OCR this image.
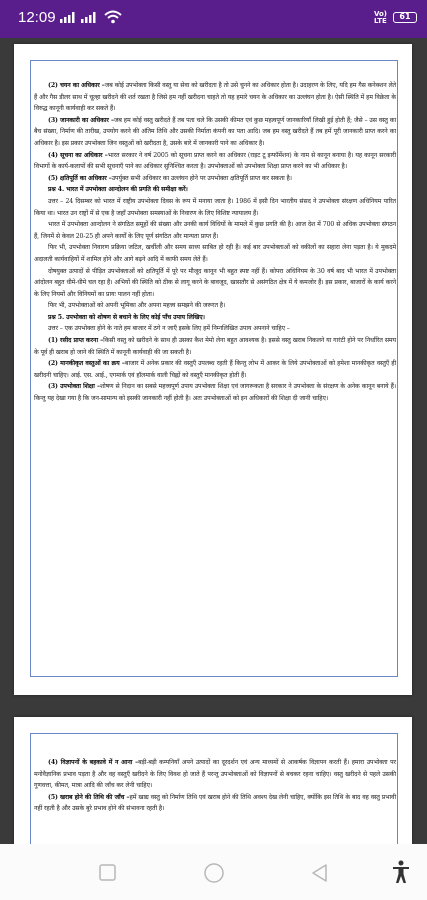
12:09	Vo)
LTE	61

(2) चयन का अधिकार –जब कोई उपभोक्ता किसी वस्तु या सेवा को खरीदता है तो उसे चुनने का अधिकार होता है। उदाहरण के लिए, यदि हम गैस कनेक्शन लेते हैं और गैस डीलर साथ में चूल्हा खरीदने की शर्त रखता है जिसे हम नहीं खरीदना चाहते तो यह हमारे चयन के अधिकार का उल्लंघन होता है। ऐसी स्थिति में हम विक्रेता के विरुद्ध कानूनी कार्यवाही कर सकते हैं।

(3) जानकारी का अधिकार –जब हम कोई वस्तु खरीदते हैं तब पता चले कि उसकी कीमत एवं कुछ महत्वपूर्ण जानकारियाँ लिखी हुई होती हैं; जैसे – उस वस्तु का बैच संख्या, निर्माण की तारीख, उपयोग करने की अंतिम तिथि और उसकी निर्माता कंपनी का पता आदि। जब हम वस्तु खरीदते हैं तब हमें पूरी जानकारी प्राप्त करने का अधिकार है। इस प्रकार उपभोक्ता जिन वस्तुओं को खरीदता है, उसके बारे में जानकारी पाने का अधिकार है।

(4) सूचना का अधिकार –भारत सरकार ने वर्ष 2005 को सूचना प्राप्त करने का अधिकार (राइट टू इन्फॉर्मेशन) के नाम से कानून बनाया है। यह कानून सरकारी विभागों के कार्य-कलापों की सभी सूचनाएँ पाने का अधिकार सुनिश्चित करता है। उपभोक्ताओं को उपभोक्ता शिक्षा प्राप्त करने का भी अधिकार है।

(5) क्षतिपूर्ति का अधिकार –उपर्युक्त सभी अधिकार का उल्लंघन होने पर उपभोक्ता क्षतिपूर्ति प्राप्त कर सकता है।

प्रश्न 4. भारत में उपभोक्ता आन्दोलन की प्रगति की समीक्षा करें।

उत्तर – 24 दिसम्बर को भारत में राष्ट्रीय उपभोक्ता दिवस के रूप में मनाया जाता है। 1986 में इसी दिन भारतीय संसद ने उपभोक्ता संरक्षण अधिनियम पारित किया था। भारत उन राष्ट्रों में से एक है जहाँ उपभोक्ता समस्याओं के निवारण के लिए विशिष्ट न्यायालय हैं।

भारत में उपभोक्ता आन्दोलन ने संगठित समूहों की संख्या और उनकी कार्य विधियों के मामले में कुछ प्रगति की है। आज देश में 700 से अधिक उपभोक्ता संगठन हैं, जिनमें से केवल 20-25 ही अपने कार्यों के लिए पूर्ण संगठित और मान्यता प्राप्त हैं।

फिर भी, उपभोक्ता निवारण प्रक्रिया जटिल, खर्चीली और समय साध्य साबित हो रही है। कई बार उपभोक्ताओं को वकीलों का सहारा लेना पड़ता है। ये मुकदमे अदालती कार्यवाहियों में शामिल होने और आगे बढ़ने आदि में काफी समय लेते हैं।

दोषयुक्त उत्पादों से पीड़ित उपभोक्ताओं को क्षतिपूर्ति में पूरे पर मौजूद कानून भी बहुत स्पष्ट नहीं हैं। कोपरा अधिनियम के 30 वर्ष बाद भी भारत में उपभोक्ता आंदोलन बहुत धीमे-धीमे चल रहा है। अभियों की स्थिति को ठीक से लागू करने के बावजूद, खासतौर से असंगठित क्षेत्र में ये कमजोर हैं। इस प्रकार, बाजारों के कार्य करने के लिए नियमों और विनियमों का प्रायः पालन नहीं होता।

फिर भी, उपभोक्ताओं को अपनी भूमिका और अपना महत्त्व समझने की जरूरत है।

प्रश्न 5. उपभोक्ता को शोषण से बचाने के लिए कोई पाँच उपाय लिखिए।

उत्तर – एक उपभोक्ता होने के नाते हम बाजार में ठगे न जाएँ इसके लिए हमें निम्नलिखित उपाय अपनाने चाहिए –

(1) रसीद प्राप्त करना –किसी वस्तु को खरीदने के साथ ही उसका कैश मेमो लेना बहुत आवश्यक है। इससे वस्तु खराब निकलने या गारंटी होने पर निर्धारित समय के पूर्व ही खराब हो जाने की स्थिति में कानूनी कार्यवाही की जा सकती है।

(2) मानकीकृत वस्तुओं का क्रय –बाजार में अनेक प्रकार की वस्तुएँ उपलब्ध रहती हैं किन्तु लोभ में आकर के लिये उपभोक्ताओं को हमेशा मानकीकृत वस्तुएँ ही खरीदनी चाहिए। आई. एस. आई., एगमार्क एवं हॉलमार्क वाली चिह्नों को वस्तुएँ मानकीकृत होती हैं।

(3) उपभोक्ता शिक्षा –शोषण से निदान का सबसे महत्त्वपूर्ण उपाय उपभोक्ता शिक्षा एवं जागरूकता है सरकार ने उपभोक्ता के संरक्षण के अनेक कानून बनाये हैं। किन्तु यह देखा गया है कि जन-सामान्य को इसकी जानकारी नहीं होती है। अतः उपभोक्ताओं को इन अधिकारों की शिक्षा दी जानी चाहिए।

(4) विज्ञापनों के बहकावे में न आना –बड़ी-बड़ी कम्पनियाँ अपने उत्पादों का दूरदर्शन एवं अन्य माध्यमों से आकर्षक विज्ञापन करती हैं। हमारा उपभोक्ता पर मनोवैज्ञानिक प्रभाव पड़ता है और वह वस्तुएँ खरीदने के लिए विवश हो जाते हैं परन्तु उपभोक्ताओं को विज्ञापनों से बचकर रहना चाहिए। वस्तु खरीदने से पहले उसकी गुणवत्ता, कीमत, मात्रा आदि की जाँच कर लेनी चाहिए।

(5) खराब होने की तिथि की जाँच –हमें खाद्य वस्तु को निर्माण तिथि एवं खराब होने की तिथि अवश्य देख लेनी चाहिए, क्योंकि इस तिथि के बाद वह वस्तु प्रभावी नहीं रहती है और उसके बुरे प्रभाव होने की संभावना रहती है।
